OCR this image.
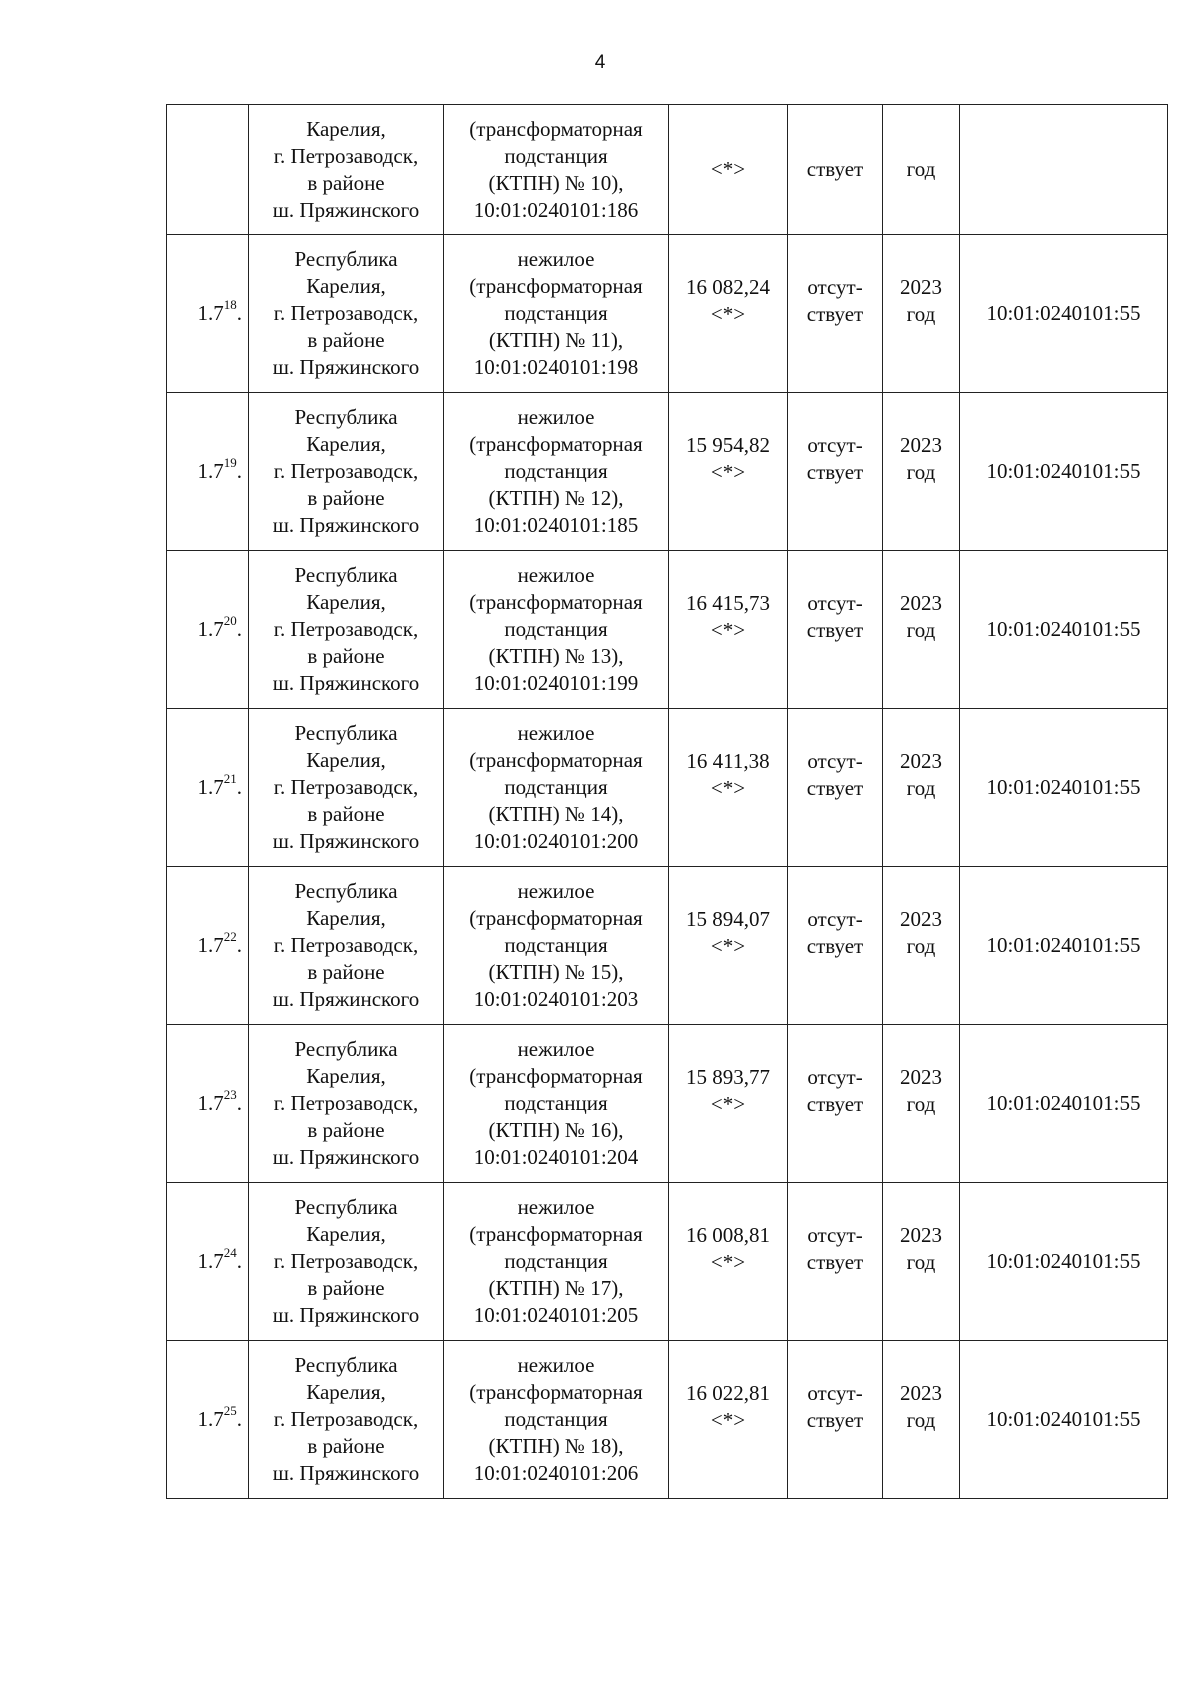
4

	Карелия,
г. Петрозаводск,
в районе
ш. Пряжинского	(трансформаторная
подстанция
(КТПН) № 10),
10:01:0240101:186	<*>	ствует	год	

$1.7^{18}$.	Республика
Карелия,
г. Петрозаводск,
в районе
ш. Пряжинского	нежилое
(трансформаторная
подстанция
(КТПН) № 11),
10:01:0240101:198	16 082,24
<*>	отсут-
ствует	2023
год	10:01:0240101:55
$1.7^{19}$.	Республика
Карелия,
г. Петрозаводск,
в районе
ш. Пряжинского	нежилое
(трансформаторная
подстанция
(КТПН) № 12),
10:01:0240101:185	15 954,82
<*>	отсут-
ствует	2023
год	10:01:0240101:55
$1.7^{20}$.	Республика
Карелия,
г. Петрозаводск,
в районе
ш. Пряжинского	нежилое
(трансформаторная
подстанция
(КТПН) № 13),
10:01:0240101:199	16 415,73
<*>	отсут-
ствует	2023
год	10:01:0240101:55
$1.7^{21}$.	Республика
Карелия,
г. Петрозаводск,
в районе
ш. Пряжинского	нежилое
(трансформаторная
подстанция
(КТПН) № 14),
10:01:0240101:200	16 411,38
<*>	отсут-
ствует	2023
год	10:01:0240101:55
$1.7^{22}$.	Республика
Карелия,
г. Петрозаводск,
в районе
ш. Пряжинского	нежилое
(трансформаторная
подстанция
(КТПН) № 15),
10:01:0240101:203	15 894,07
<*>	отсут-
ствует	2023
год	10:01:0240101:55
$1.7^{23}$.	Республика
Карелия,
г. Петрозаводск,
в районе
ш. Пряжинского	нежилое
(трансформаторная
подстанция
(КТПН) № 16),
10:01:0240101:204	15 893,77
<*>	отсут-
ствует	2023
год	10:01:0240101:55
$1.7^{24}$.	Республика
Карелия,
г. Петрозаводск,
в районе
ш. Пряжинского	нежилое
(трансформаторная
подстанция
(КТПН) № 17),
10:01:0240101:205	16 008,81
<*>	отсут-
ствует	2023
год	10:01:0240101:55
$1.7^{25}$.	Республика
Карелия,
г. Петрозаводск,
в районе
ш. Пряжинского	нежилое
(трансформаторная
подстанция
(КТПН) № 18),
10:01:0240101:206	16 022,81
<*>	отсут-
ствует	2023
год	10:01:0240101:55
